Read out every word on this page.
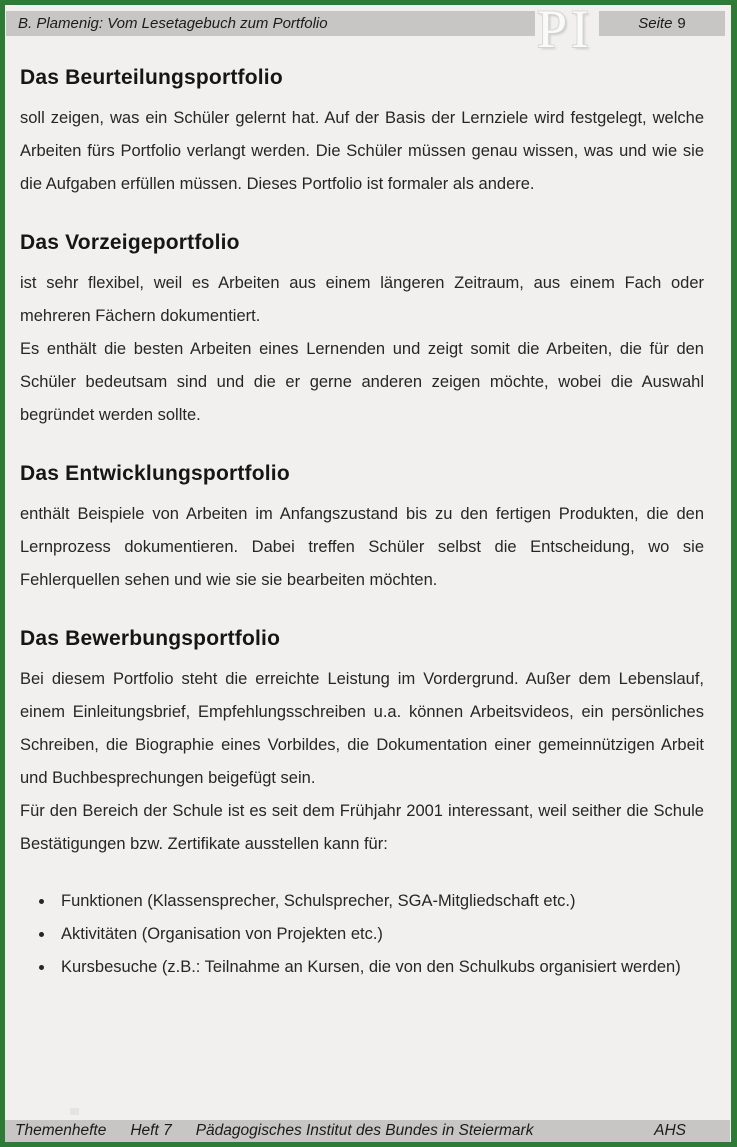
B. Plamenig: Vom Lesetagebuch zum Portfolio	PI	Seite 9
Das Beurteilungsportfolio

soll zeigen, was ein Schüler gelernt hat. Auf der Basis der Lernziele wird festgelegt, welche Arbeiten fürs Portfolio verlangt werden. Die Schüler müssen genau wissen, was und wie sie die Aufgaben erfüllen müssen. Dieses Portfolio ist formaler als andere.

Das Vorzeigeportfolio

ist sehr flexibel, weil es Arbeiten aus einem längeren Zeitraum, aus einem Fach oder mehreren Fächern dokumentiert.

Es enthält die besten Arbeiten eines Lernenden und zeigt somit die Arbeiten, die für den Schüler bedeutsam sind und die er gerne anderen zeigen möchte, wobei die Auswahl begründet werden sollte.

Das Entwicklungsportfolio

enthält Beispiele von Arbeiten im Anfangszustand bis zu den fertigen Produkten, die den Lernprozess dokumentieren. Dabei treffen Schüler selbst die Entscheidung, wo sie Fehlerquellen sehen und wie sie sie bearbeiten möchten.

Das Bewerbungsportfolio

Bei diesem Portfolio steht die erreichte Leistung im Vordergrund. Außer dem Lebenslauf, einem Einleitungsbrief, Empfehlungsschreiben u.a. können Arbeitsvideos, ein persönliches Schreiben, die Biographie eines Vorbildes, die Dokumentation einer gemeinnützigen Arbeit und Buchbesprechungen beigefügt sein.

Für den Bereich der Schule ist es seit dem Frühjahr 2001 interessant, weil seither die Schule Bestätigungen bzw. Zertifikate ausstellen kann für:

• Funktionen (Klassensprecher, Schulsprecher, SGA-Mitgliedschaft etc.)
• Aktivitäten (Organisation von Projekten etc.)
• Kursbesuche (z.B.: Teilnahme an Kursen, die von den Schulkubs organisiert werden)
Themenhefte Heft 7 Pädagogisches Institut des Bundes in Steiermark	AHS
